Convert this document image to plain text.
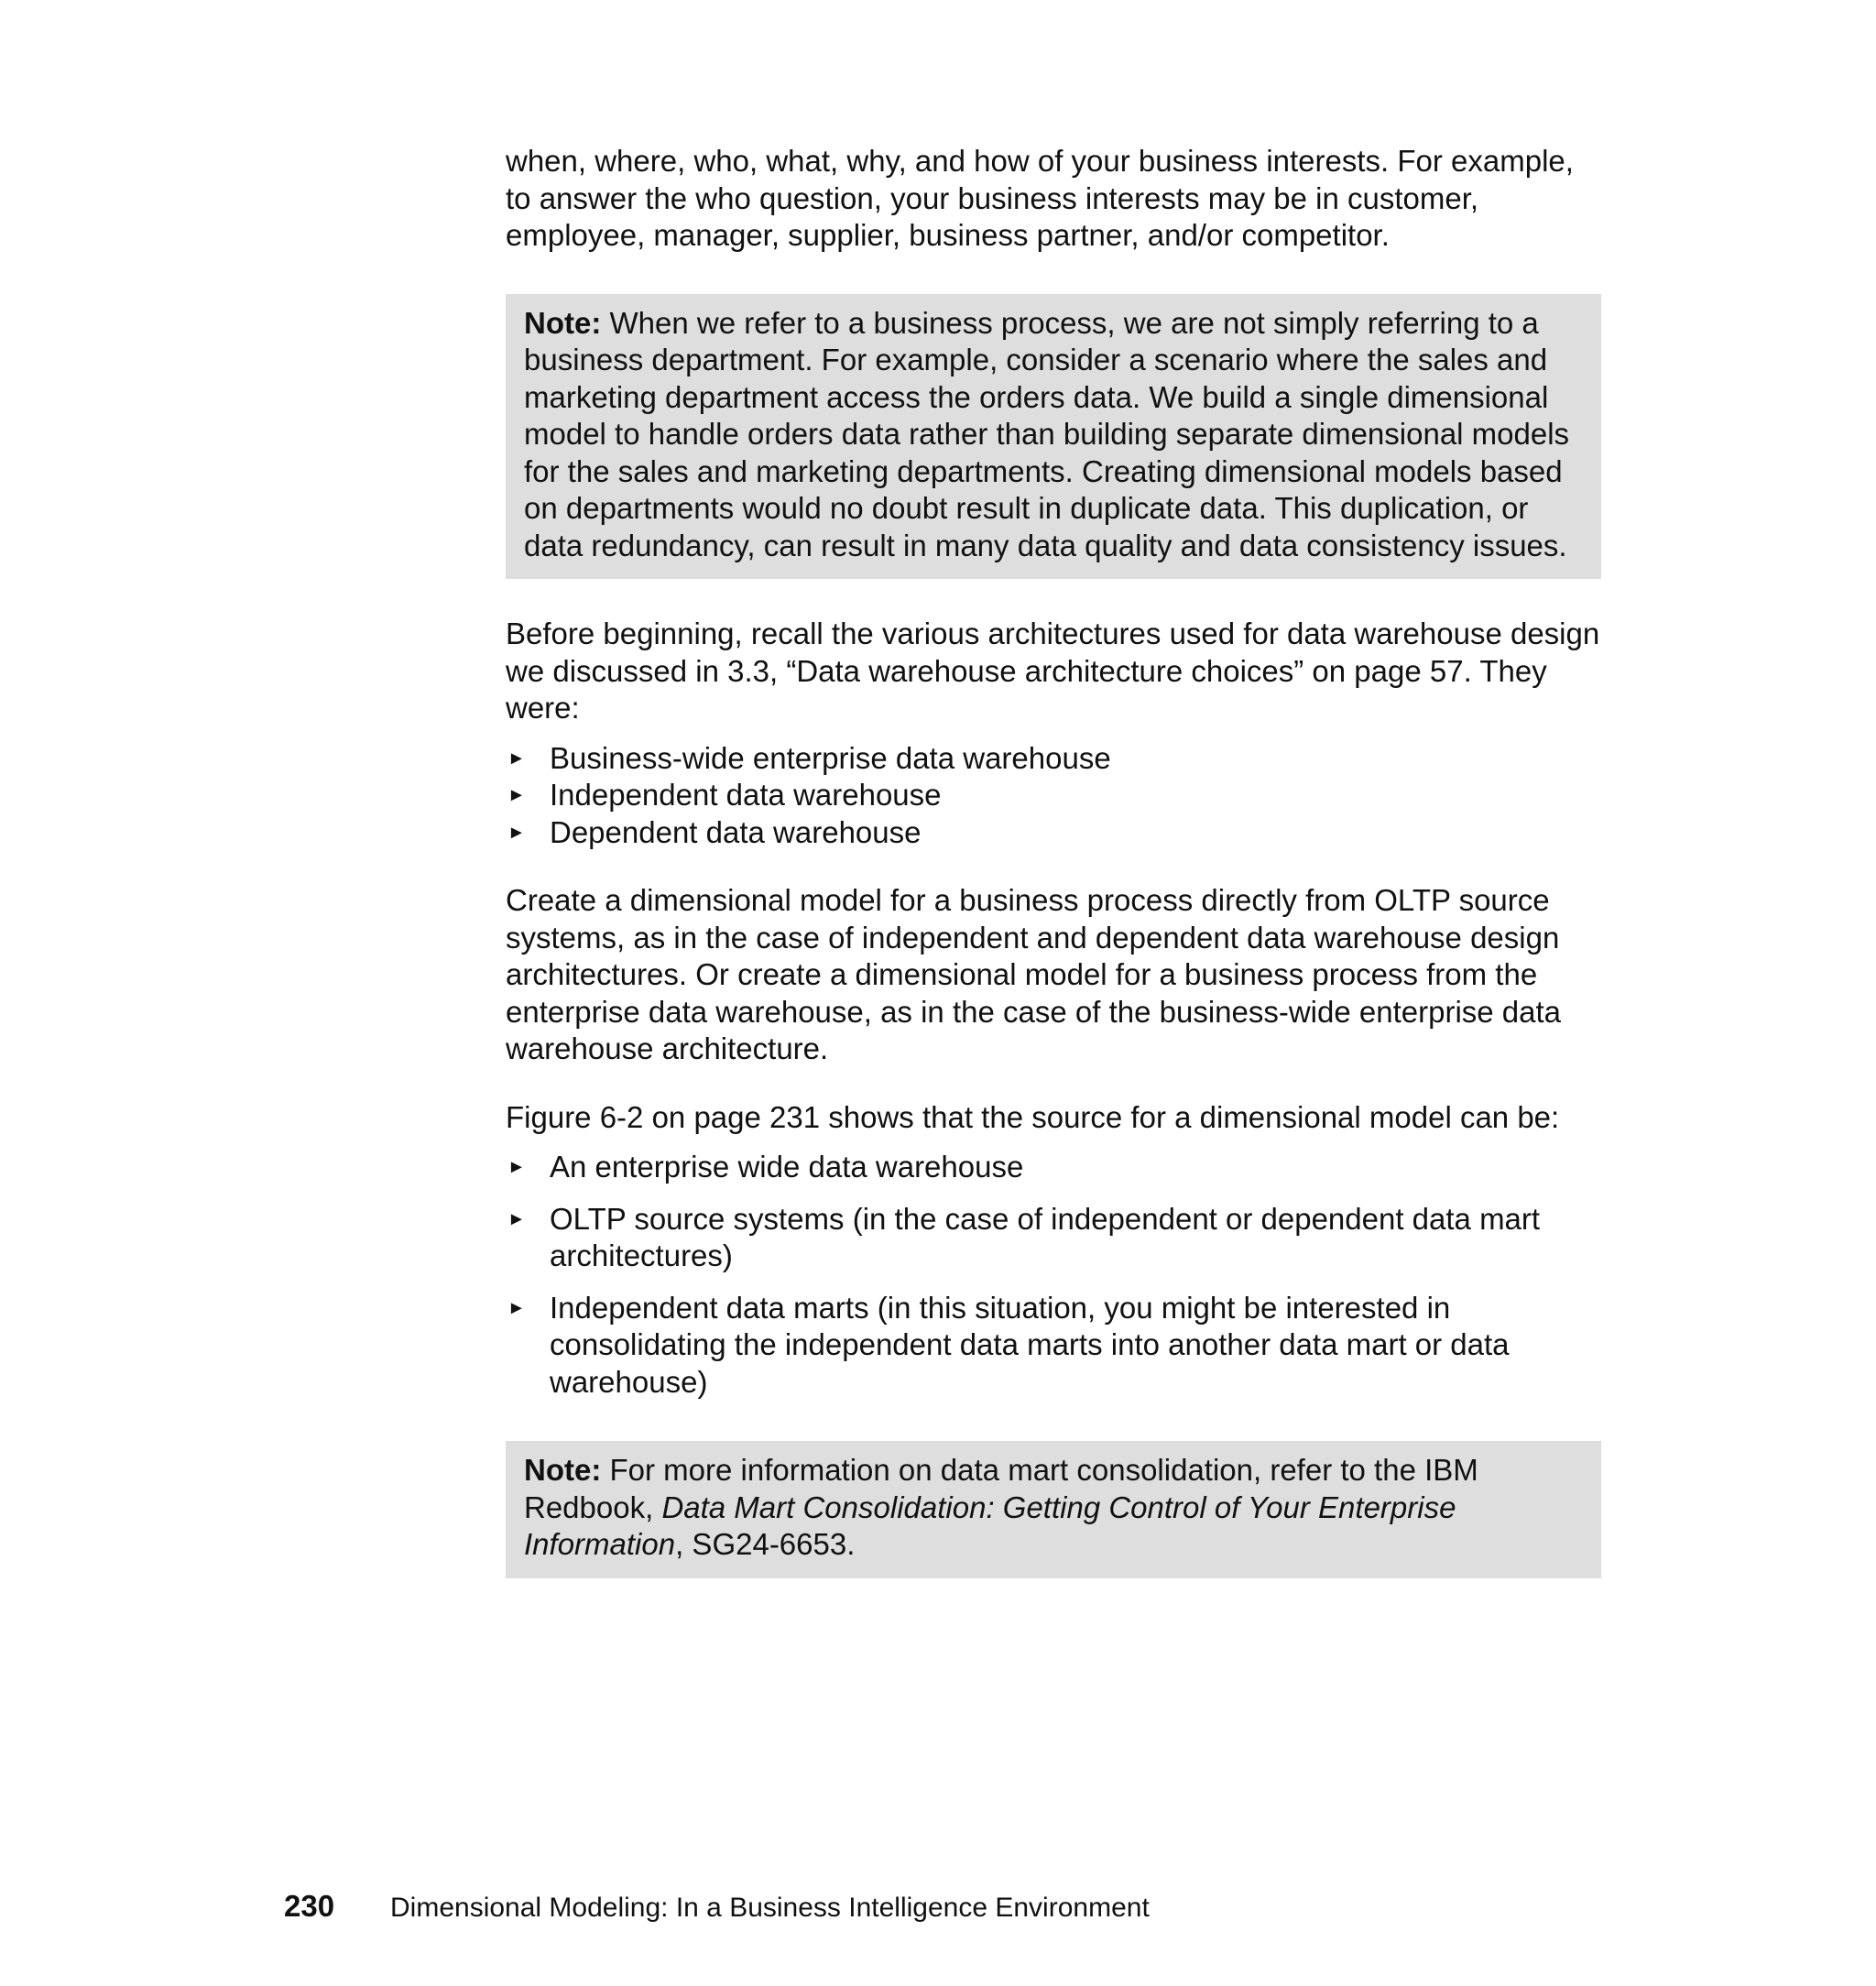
when, where, who, what, why, and how of your business interests. For example, to answer the who question, your business interests may be in customer, employee, manager, supplier, business partner, and/or competitor.

Note: When we refer to a business process, we are not simply referring to a business department. For example, consider a scenario where the sales and marketing department access the orders data. We build a single dimensional model to handle orders data rather than building separate dimensional models for the sales and marketing departments. Creating dimensional models based on departments would no doubt result in duplicate data. This duplication, or data redundancy, can result in many data quality and data consistency issues.

Before beginning, recall the various architectures used for data warehouse design we discussed in 3.3, “Data warehouse architecture choices” on page 57. They were:

► Business-wide enterprise data warehouse
► Independent data warehouse
► Dependent data warehouse

Create a dimensional model for a business process directly from OLTP source systems, as in the case of independent and dependent data warehouse design architectures. Or create a dimensional model for a business process from the enterprise data warehouse, as in the case of the business-wide enterprise data warehouse architecture.

Figure 6-2 on page 231 shows that the source for a dimensional model can be:

► An enterprise wide data warehouse
► OLTP source systems (in the case of independent or dependent data mart architectures)
► Independent data marts (in this situation, you might be interested in consolidating the independent data marts into another data mart or data warehouse)

Note: For more information on data mart consolidation, refer to the IBM Redbook, Data Mart Consolidation: Getting Control of Your Enterprise Information, SG24-6653.

230 Dimensional Modeling: In a Business Intelligence Environment
